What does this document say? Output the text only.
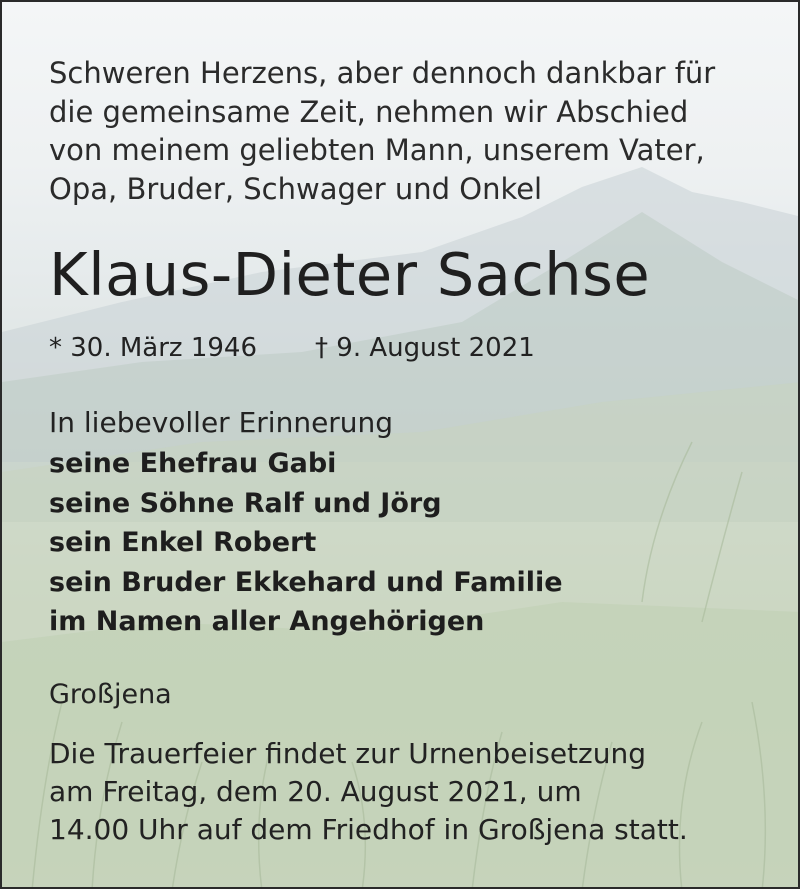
Schweren Herzens, aber dennoch dankbar für
die gemeinsame Zeit, nehmen wir Abschied
von meinem geliebten Mann, unserem Vater,
Opa, Bruder, Schwager und Onkel
Klaus-Dieter Sachse
* 30. März 1946 † 9. August 2021
In liebevoller Erinnerung
seine Ehefrau Gabi
seine Söhne Ralf und Jörg
sein Enkel Robert
sein Bruder Ekkehard und Familie
im Namen aller Angehörigen
Großjena
Die Trauerfeier findet zur Urnenbeisetzung
am Freitag, dem 20. August 2021, um
14.00 Uhr auf dem Friedhof in Großjena statt.
